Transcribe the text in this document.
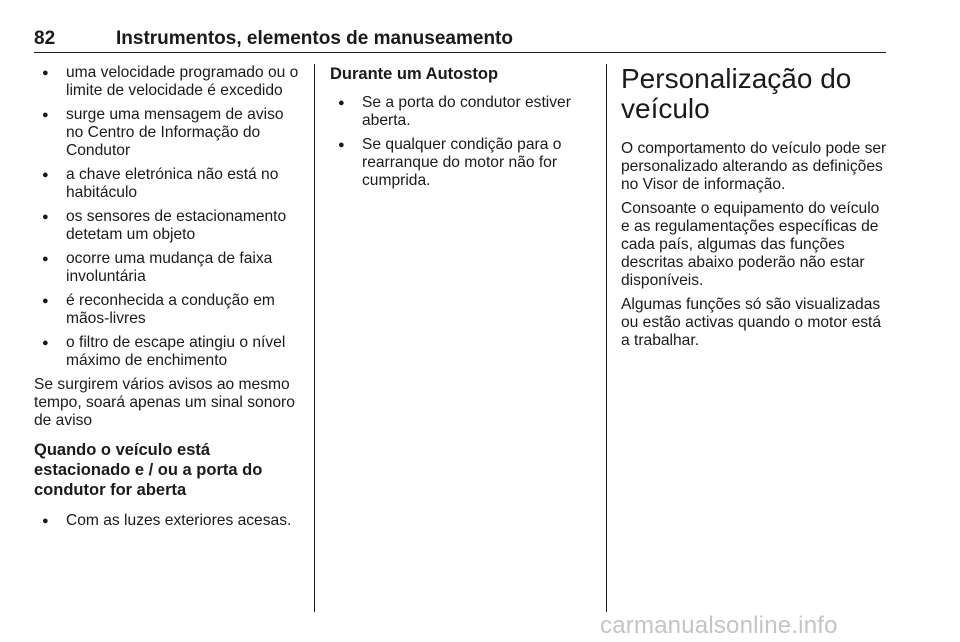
82	Instrumentos, elementos de manuseamento
● uma velocidade programado ou o limite de velocidade é excedido
● surge uma mensagem de aviso no Centro de Informação do Condutor
● a chave eletrónica não está no habitáculo
● os sensores de estacionamento detetam um objeto
● ocorre uma mudança de faixa involuntária
● é reconhecida a condução em mãos-livres
● o filtro de escape atingiu o nível máximo de enchimento

Se surgirem vários avisos ao mesmo tempo, soará apenas um sinal sonoro de aviso

Quando o veículo está estacionado e / ou a porta do condutor for aberta
● Com as luzes exteriores acesas.
Durante um Autostop
● Se a porta do condutor estiver aberta.
● Se qualquer condição para o rearranque do motor não for cumprida.
Personalização do veículo

O comportamento do veículo pode ser personalizado alterando as definições no Visor de informação.

Consoante o equipamento do veículo e as regulamentações específicas de cada país, algumas das funções descritas abaixo poderão não estar disponíveis.

Algumas funções só são visualizadas ou estão activas quando o motor está a trabalhar.

carmanualsonline.info
